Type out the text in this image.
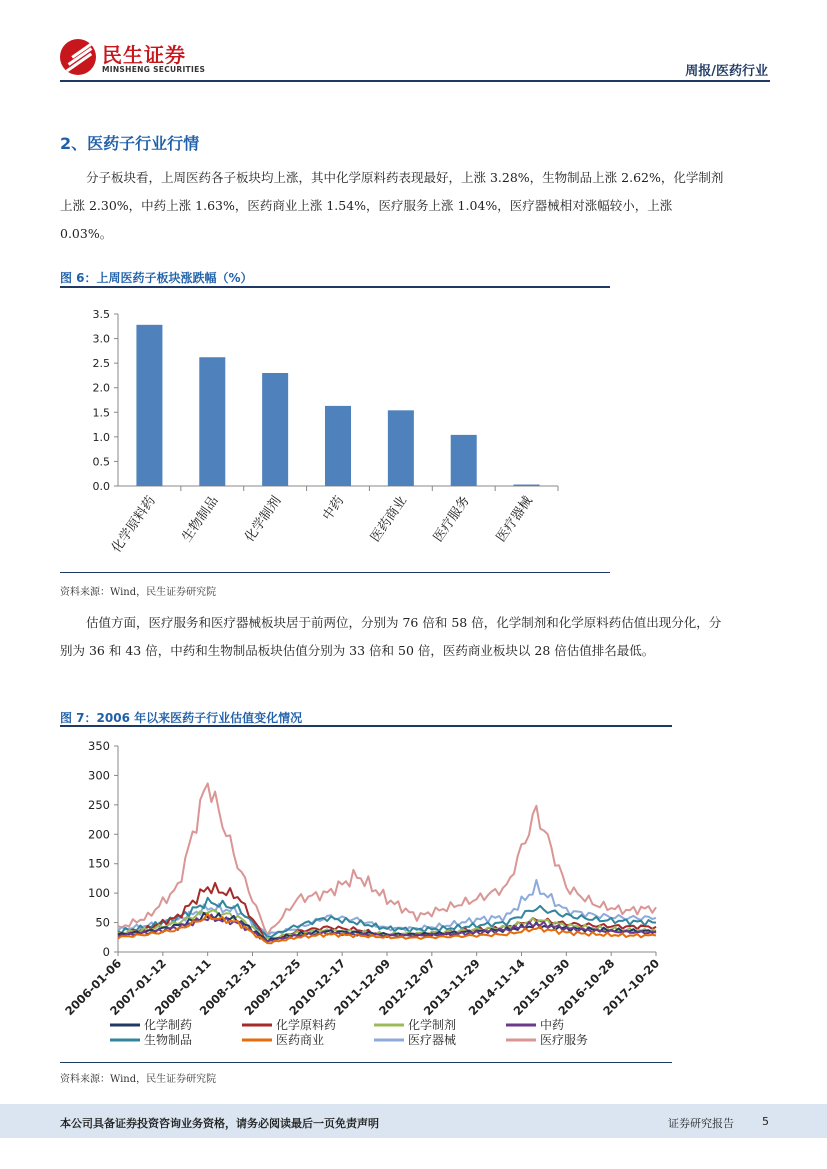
民生证券
MINSHENG SECURITIES	周报/医药行业
2、医药子行业行情
分子板块看，上周医药各子板块均上涨，其中化学原料药表现最好，上涨 3.28%，生物制品上涨 2.62%，化学制剂上涨 2.30%，中药上涨 1.63%，医药商业上涨 1.54%，医疗服务上涨 1.04%，医疗器械相对涨幅较小，上涨 0.03%。
图 6：上周医药子板块涨跌幅（%）
0.0
0.5
1.0
1.5
2.0
2.5
3.0
3.5
化学原料药 生物制品 化学制剂	中药 医药商业 医疗服务 医疗器械
资料来源：Wind，民生证券研究院
估值方面，医疗服务和医疗器械板块居于前两位，分别为 76 倍和 58 倍，化学制剂和化学原料药估值出现分化，分别为 36 和 43 倍，中药和生物制品板块估值分别为 33 倍和 50 倍，医药商业板块以 28 倍估值排名最低。
图 7：2006 年以来医药子行业估值变化情况
0
50
100
150
200
250
300
350
2006-01-06
2007-01-12
2008-01-11
2008-12-31
2009-12-25
2010-12-17
2011-12-09
2012-12-07
2013-11-29
2014-11-14
2015-10-30
2016-10-28
2017-10-20
化学制药	化学原料药	化学制剂	中药
生物制品	医药商业	医疗器械	医疗服务
资料来源：Wind，民生证券研究院
本公司具备证券投资咨询业务资格，请务必阅读最后一页免责声明	证券研究报告	5
